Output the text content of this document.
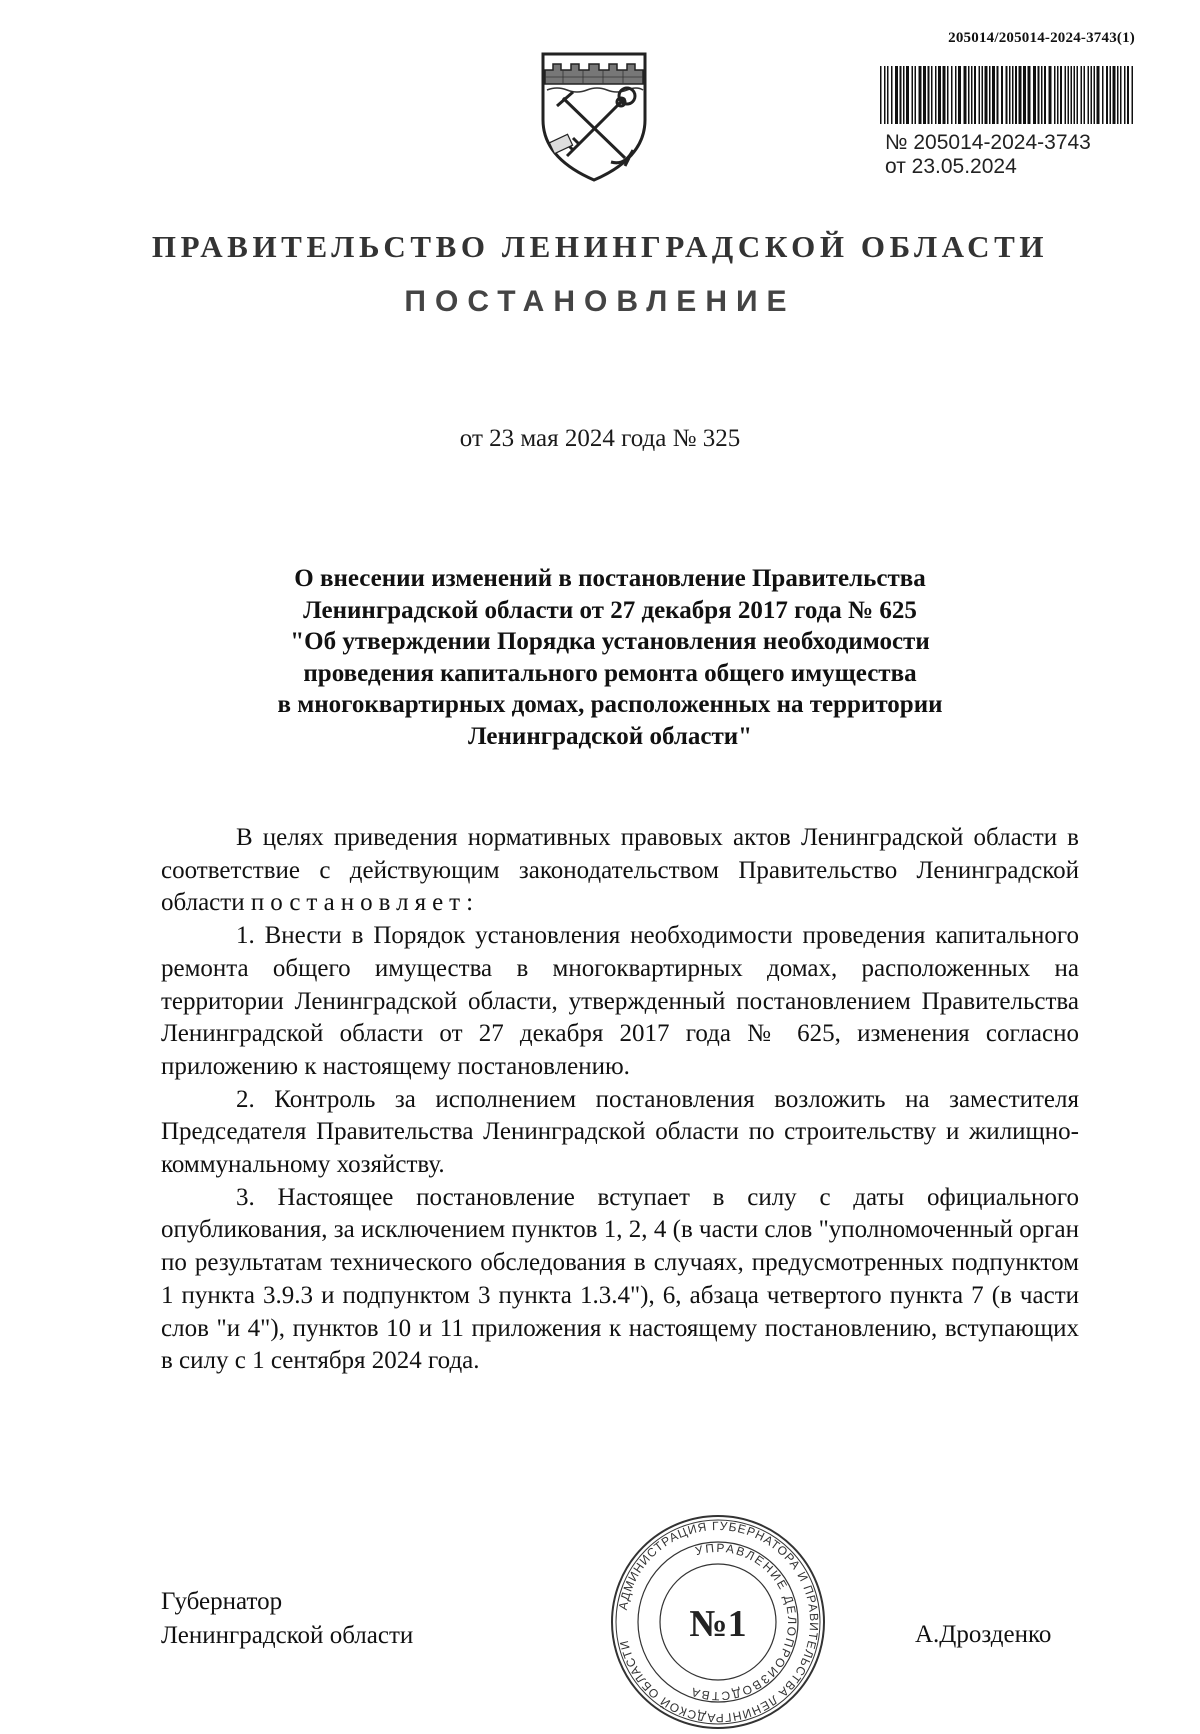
205014/205014-2024-3743(1)
№ 205014-2024-3743
от 23.05.2024
ПРАВИТЕЛЬСТВО ЛЕНИНГРАДСКОЙ ОБЛАСТИ
ПОСТАНОВЛЕНИЕ
от 23 мая 2024 года № 325
О внесении изменений в постановление Правительства
Ленинградской области от 27 декабря 2017 года № 625
"Об утверждении Порядка установления необходимости
проведения капитального ремонта общего имущества
в многоквартирных домах, расположенных на территории
Ленинградской области"

В целях приведения нормативных правовых актов Ленинградской области в соответствие с действующим законодательством Правительство Ленинградской области постановляет:

1. Внести в Порядок установления необходимости проведения капитального ремонта общего имущества в многоквартирных домах, расположенных на территории Ленинградской области, утвержденный постановлением Правительства Ленинградской области от 27 декабря 2017 года № 625, изменения согласно приложению к настоящему постановлению.

2. Контроль за исполнением постановления возложить на заместителя Председателя Правительства Ленинградской области по строительству и жилищно-коммунальному хозяйству.

3. Настоящее постановление вступает в силу с даты официального опубликования, за исключением пунктов 1, 2, 4 (в части слов "уполномоченный орган по результатам технического обследования в случаях, предусмотренных подпунктом 1 пункта 3.9.3 и подпунктом 3 пункта 1.3.4"), 6, абзаца четвертого пункта 7 (в части слов "и 4"), пунктов 10 и 11 приложения к настоящему постановлению, вступающих в силу с 1 сентября 2024 года.

Губернатор
Ленинградской области	А.Дрозденко
АДМИНИСТРАЦИЯ ГУБЕРНАТОРА И ПРАВИТЕЛЬСТВА ЛЕНИНГРАДСКОЙ ОБЛАСТИ
УПРАВЛЕНИЕ ДЕЛОПРОИЗВОДСТВА
№1
